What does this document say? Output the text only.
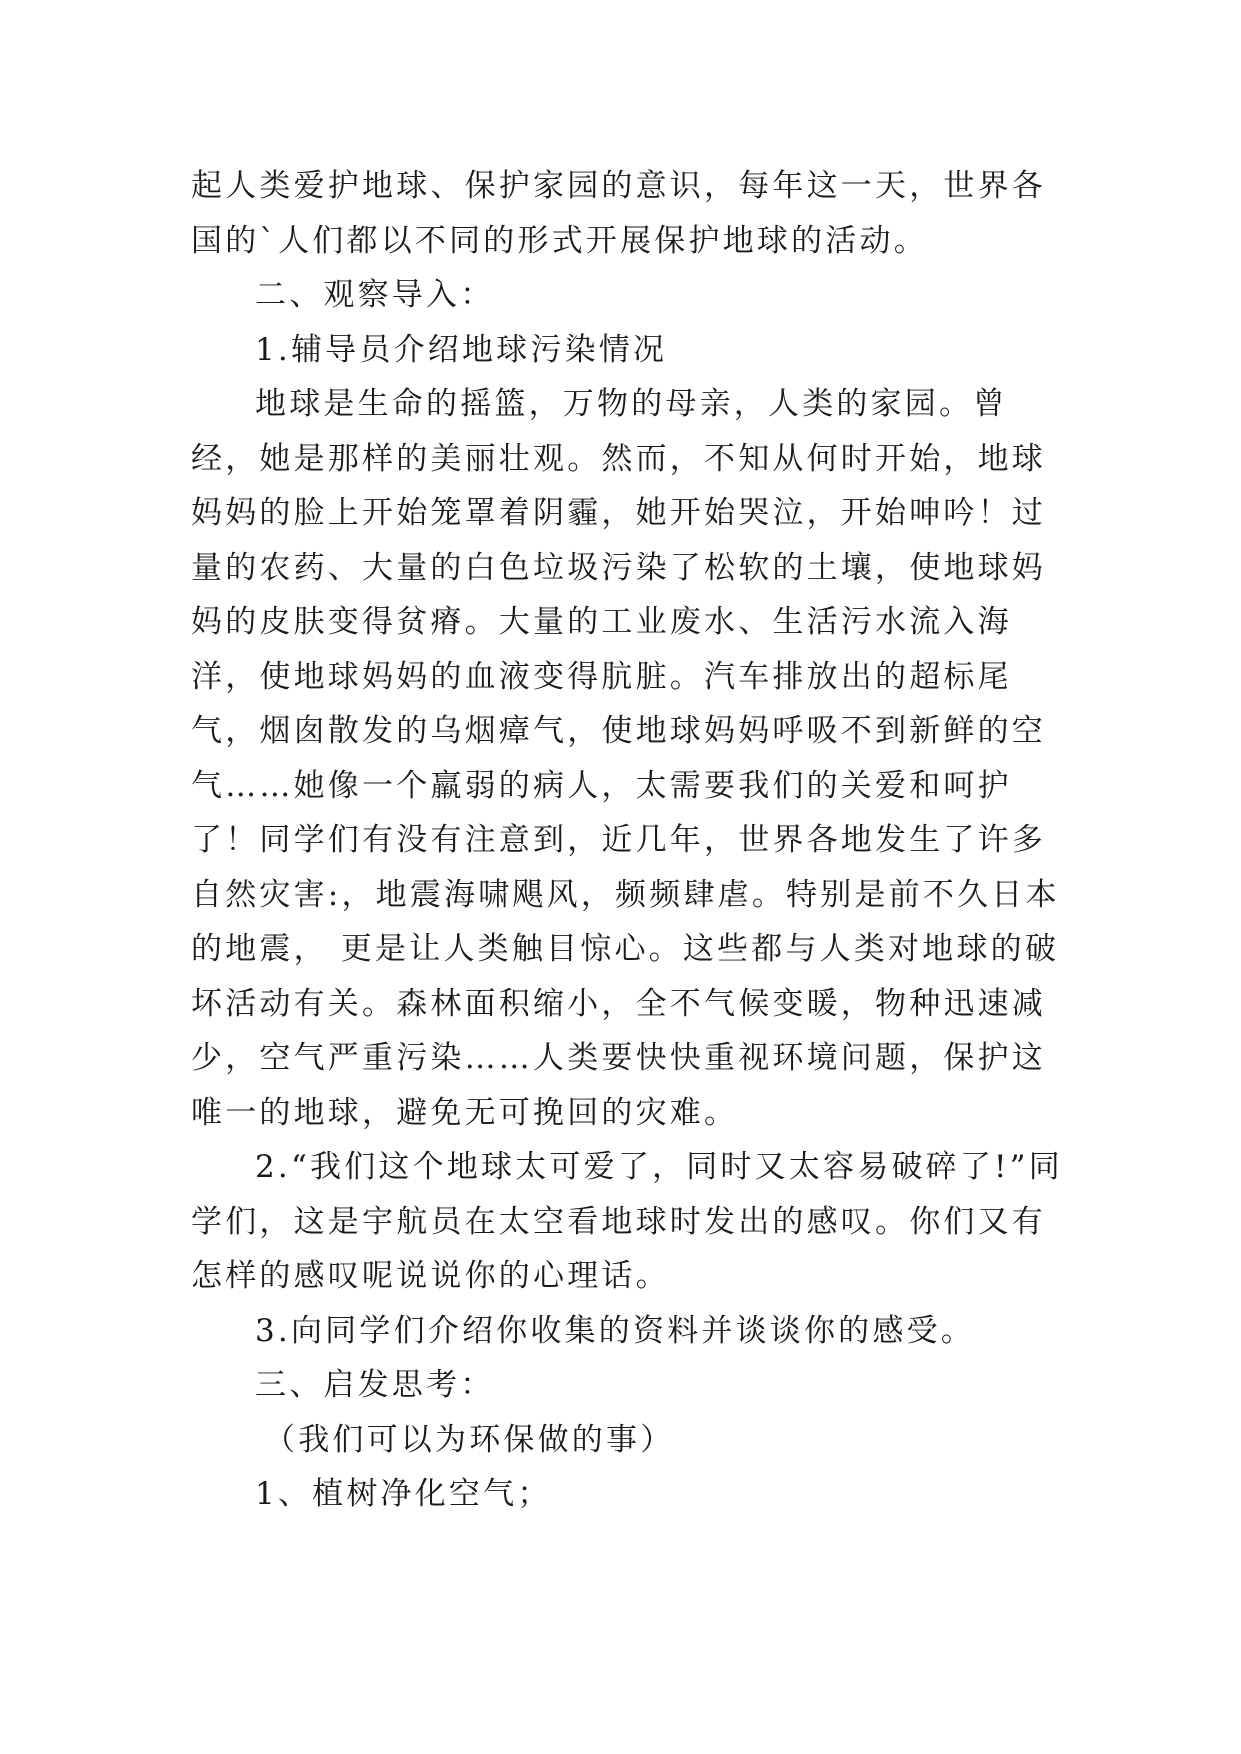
起人类爱护地球、保护家园的意识，每年这一天，世界各国的`人们都以不同的形式开展保护地球的活动。

二、观察导入：

1.辅导员介绍地球污染情况

地球是生命的摇篮，万物的母亲，人类的家园。曾经，她是那样的美丽壮观。然而，不知从何时开始，地球妈妈的脸上开始笼罩着阴霾，她开始哭泣，开始呻吟！过量的农药、大量的白色垃圾污染了松软的土壤，使地球妈妈的皮肤变得贫瘠。大量的工业废水、生活污水流入海洋，使地球妈妈的血液变得肮脏。汽车排放出的超标尾气，烟囱散发的乌烟瘴气，使地球妈妈呼吸不到新鲜的空气……她像一个羸弱的病人，太需要我们的关爱和呵护了！同学们有没有注意到，近几年，世界各地发生了许多自然灾害:，地震海啸飓风，频频肆虐。特别是前不久日本的地震， 更是让人类触目惊心。这些都与人类对地球的破坏活动有关。森林面积缩小，全不气候变暖，物种迅速减少，空气严重污染……人类要快快重视环境问题，保护这唯一的地球，避免无可挽回的灾难。

2.“我们这个地球太可爱了，同时又太容易破碎了!”同学们，这是宇航员在太空看地球时发出的感叹。你们又有怎样的感叹呢说说你的心理话。

3.向同学们介绍你收集的资料并谈谈你的感受。

三、启发思考：

（我们可以为环保做的事）

1、植树净化空气；
